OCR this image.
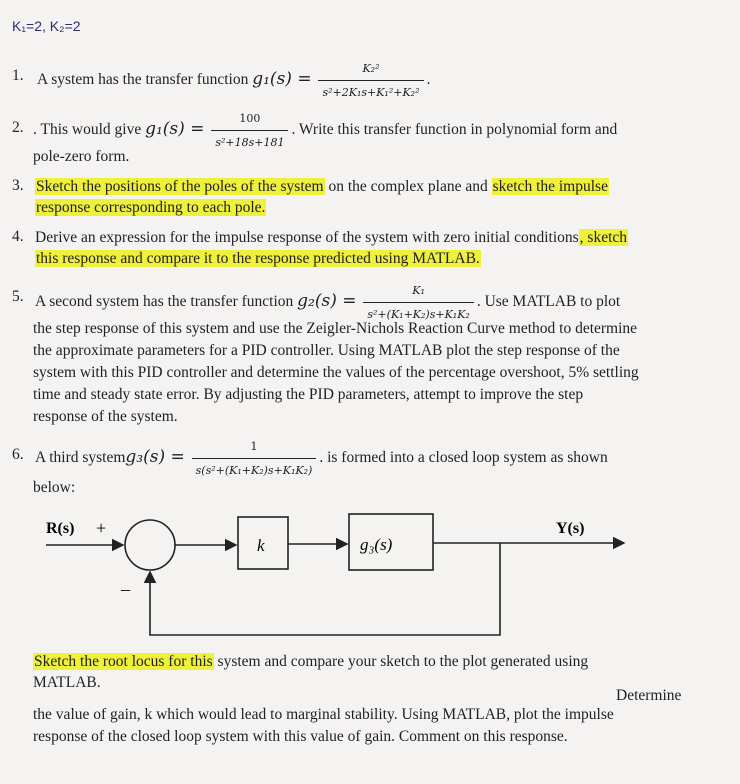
K₁=2, K₂=2
1. A system has the transfer function $g_1(s) = \frac{\text{K₂²}}{\text{s²+2K₁s+K₁²+K₂²}}$ .
2. . This would give $g_1(s) = \frac{100}{\text{s²+18s+181}}$ . Write this transfer function in polynomial form and
pole-zero form.
3. Sketch the positions of the poles of the system on the complex plane and sketch the impulse
response corresponding to each pole.
4. Derive an expression for the impulse response of the system with zero initial conditions, sketch
this response and compare it to the response predicted using MATLAB.
5. A second system has the transfer function $g_2(s) = \frac{\text{K₁}}{\text{s²+(K₁+K₂)s+K₁K₂}}$ . Use MATLAB to plot
the step response of this system and use the Zeigler-Nichols Reaction Curve method to determine
the approximate parameters for a PID controller. Using MATLAB plot the step response of the
system with this PID controller and determine the values of the percentage overshoot, 5% settling
time and steady state error. By adjusting the PID parameters, attempt to improve the step
response of the system.
6. A third systemg₃(s) = $\frac{1}{\text{s(s²+(K₁+K₂)s+K₁K₂)}}$ . is formed into a closed loop system as shown
below:
R(s) +
–
k	g₃(s)
Y(s)
Sketch the root locus for this system and compare your sketch to the plot generated using
MATLAB.
Determine
the value of gain, k which would lead to marginal stability. Using MATLAB, plot the impulse
response of the closed loop system with this value of gain. Comment on this response.
